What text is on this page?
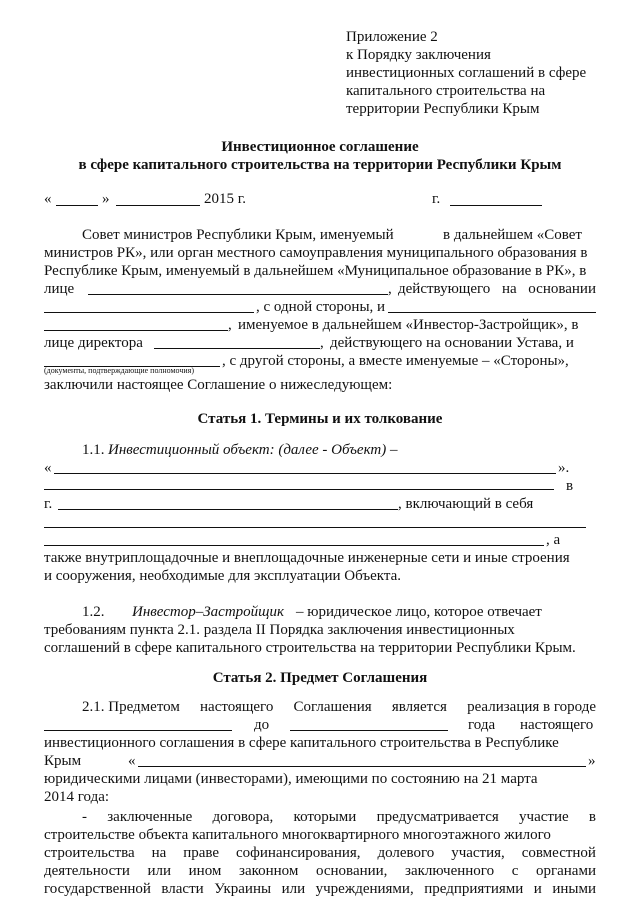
Приложение 2
к Порядку заключения
инвестиционных соглашений в сфере
капитального строительства на
территории Республики Крым
Инвестиционное соглашение
в сфере капитального строительства на территории Республики Крым
«	»	2015 г.	г.
Совет министров Республики Крым, именуемый	в дальнейшем «Совет
министров РК», или орган местного самоуправления муниципального образования в
Республике Крым, именуемый в дальнейшем «Муниципальное образование в РК», в
лице	, действующего на основании
, с одной стороны, и
, именуемое в дальнейшем «Инвестор-Застройщик», в
лице директора	, действующего на основании Устава, и
, с другой стороны, а вместе именуемые – «Стороны»,
(документы, подтверждающие полномочия)
заключили настоящее Соглашение о нижеследующем:
Статья 1. Термины и их толкование
1.1. Инвестиционный объект: (далее - Объект) –
«	».
в
г.	, включающий в себя
, а
также внутриплощадочные и внеплощадочные инженерные сети и иные строения
и сооружения, необходимые для эксплуатации Объекта.
1.2. Инвестор–Застройщик – юридическое лицо, которое отвечает
требованиям пункта 2.1. раздела II Порядка заключения инвестиционных
соглашений в сфере капитального строительства на территории Республики Крым.
Статья 2. Предмет Соглашения
2.1. Предметом настоящего Соглашения является реализация в городе
до	года настоящего
инвестиционного соглашения в сфере капитального строительства в Республике
Крым	«	»
юридическими лицами (инвесторами), имеющими по состоянию на 21 марта
2014 года:
- заключенные договора, которыми предусматривается участие в
строительстве объекта капитального многоквартирного многоэтажного жилого
строительства на праве софинансирования, долевого участия, совместной
деятельности или ином законном основании, заключенного с органами
государственной власти Украины или учреждениями, предприятиями и иными
